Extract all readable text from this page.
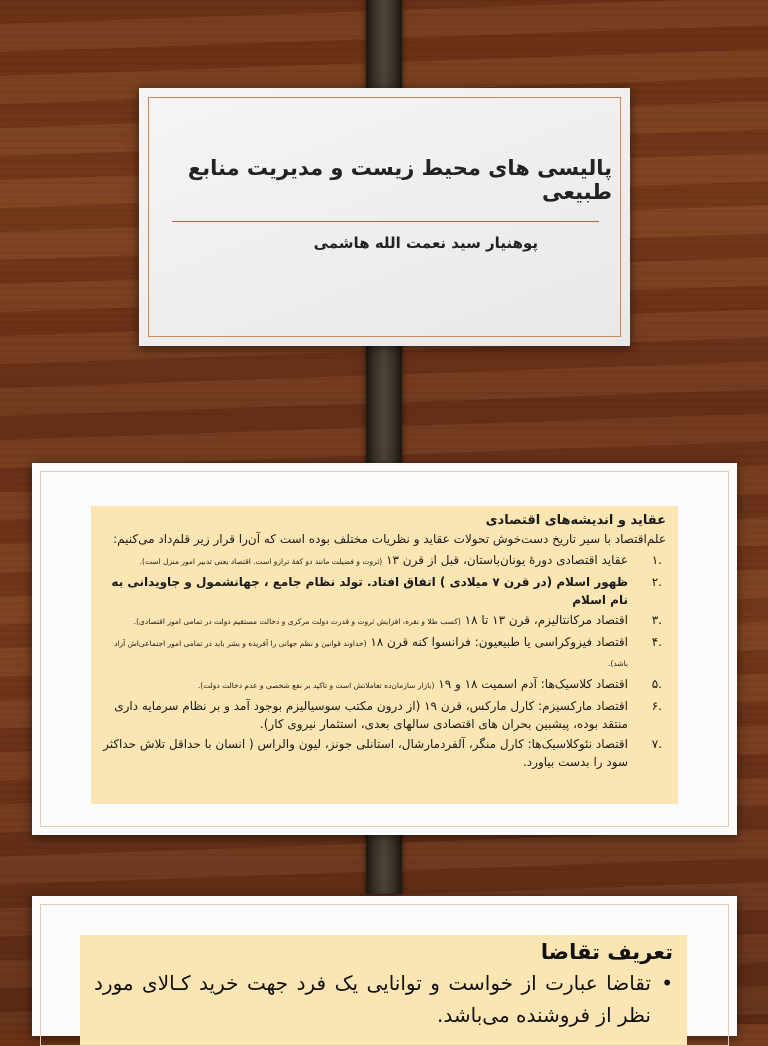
پالیسی های محیط زیست و مدیریت منابع طبیعی
پوهنیار سید نعمت الله هاشمی
عقاید و اندیشه‌های اقتصادی
علم‌اقتصاد با سیر تاریخ دست‌خوش تحولات عقاید و نظریات مختلف بوده است که آن‌را قرار زیر قلم‌داد می‌کنیم:
.۱
عقاید اقتصادی دورهٔ یونان‌باستان، قبل از قرن ۱۳ (ثروت و فضیلت مانند دو کفهٔ ترازو است. اقتصاد یعنی تدبیر امور منزل است).
.۲
ظهور اسلام (در قرن ۷ میلادی ) اتفاق افتاد. تولد نظام جامع ، جهانشمول و جاویدانی به نام اسلام
.۳
اقتصاد مرکانتالیزم، قرن ۱۳ تا ۱۸ (کسب طلا و نقره، افزایش ثروت و قدرت دولت مرکزی و دخالت مستقیم دولت در تمامی امور اقتصادی).
.۴
اقتصاد فیزوکراسی یا طبیعیون: فرانسوا کنه قرن ۱۸ (خداوند قوانین و نظم جهانی را آفریده و بشر باید در تمامی امور اجتماعی‌اش آزاد باشد).
.۵
اقتصاد کلاسیک‌ها: آدم اسمیت ۱۸ و ۱۹ (بازار سازمان‌ده تعاملاتش است و تاکید بر نفع شخصی و عدم دخالت دولت).
.۶
اقتصاد مارکسیزم: کارل مارکس، قرن ۱۹ (از درون مکتب سوسیالیزم بوجود آمد و بر نظام سرمایه داری منتقد بوده، پیشبین بحران های اقتصادی سالهای بعدی، استثمار نیروی کار).
.۷
اقتصاد نئوکلاسیک‌ها: کارل منگر، آلفردمارشال، استانلی جونز، لیون والراس ( انسان با حداقل تلاش حداکثر سود را بدست بیاورد.
تعریف تقاضا
•
تقاضا عبارت از خواست و توانایی یک فرد جهت خرید کـالای مورد نظر از فروشنده می‌باشد.
